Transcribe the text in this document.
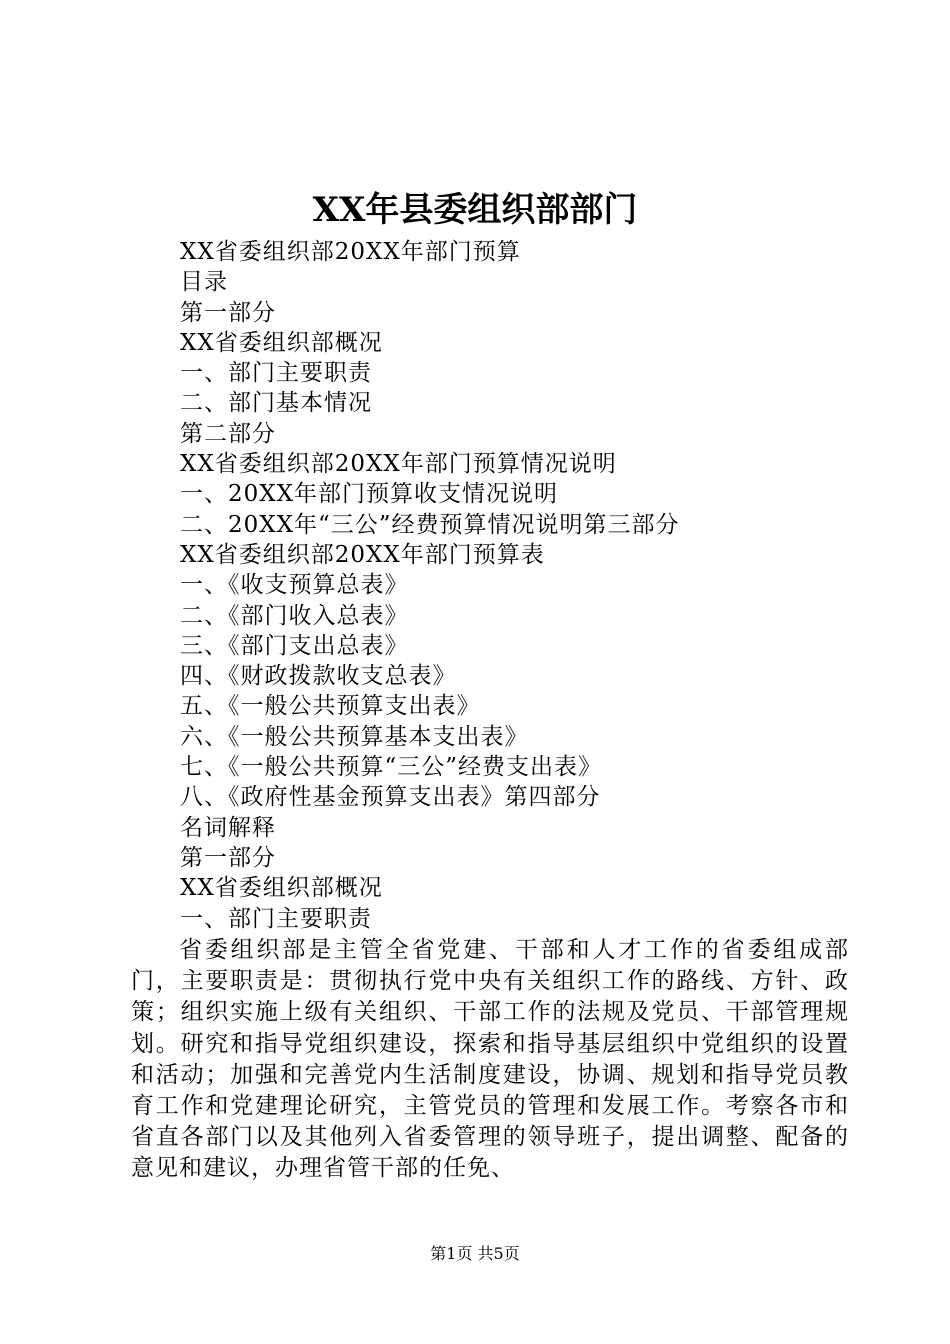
XX年县委组织部部门
XX省委组织部20XX年部门预算
目录
第一部分
XX省委组织部概况
一、部门主要职责
二、部门基本情况
第二部分
XX省委组织部20XX年部门预算情况说明
一、20XX年部门预算收支情况说明
二、20XX年“三公”经费预算情况说明第三部分
XX省委组织部20XX年部门预算表
一、《收支预算总表》
二、《部门收入总表》
三、《部门支出总表》
四、《财政拨款收支总表》
五、《一般公共预算支出表》
六、《一般公共预算基本支出表》
七、《一般公共预算“三公”经费支出表》
八、《政府性基金预算支出表》第四部分
名词解释
第一部分
XX省委组织部概况
一、部门主要职责
省委组织部是主管全省党建、干部和人才工作的省委组成部门，主要职责是：贯彻执行党中央有关组织工作的路线、方针、政策；组织实施上级有关组织、干部工作的法规及党员、干部管理规划。研究和指导党组织建设，探索和指导基层组织中党组织的设置和活动；加强和完善党内生活制度建设，协调、规划和指导党员教育工作和党建理论研究，主管党员的管理和发展工作。考察各市和省直各部门以及其他列入省委管理的领导班子，提出调整、配备的意见和建议，办理省管干部的任免、
第1页 共5页
